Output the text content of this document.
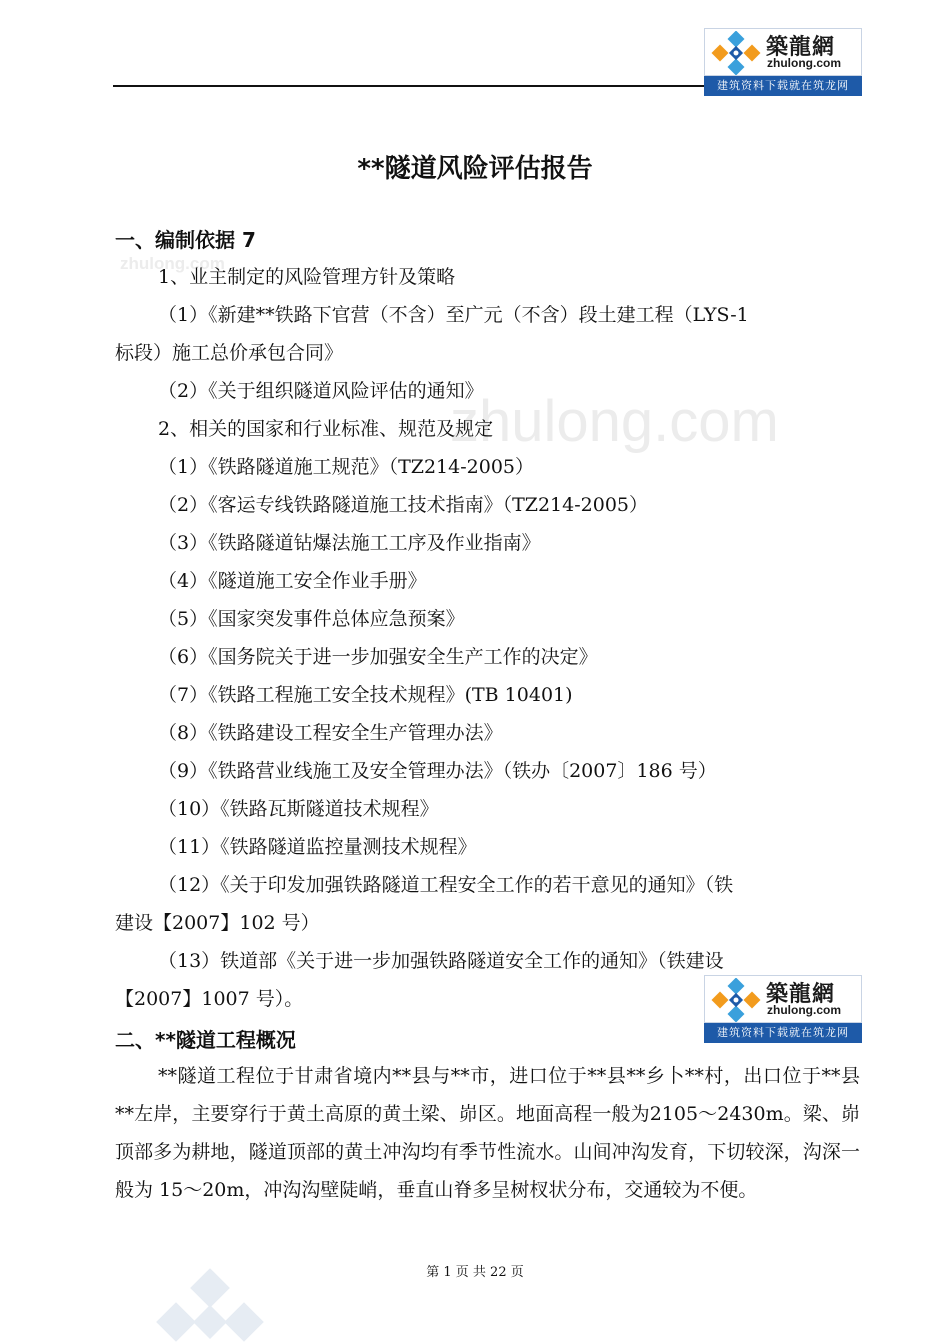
築龍網
zhulong.com
建筑资料下载就在筑龙网
zhulong.com
zhulong.com
**隧道风险评估报告
一、编制依据 7
1、业主制定的风险管理方针及策略
（1）《新建**铁路下官营（不含）至广元（不含）段土建工程（LYS-1
标段）施工总价承包合同》
（2）《关于组织隧道风险评估的通知》
2、相关的国家和行业标准、规范及规定
（1）《铁路隧道施工规范》（TZ214-2005）
（2）《客运专线铁路隧道施工技术指南》（TZ214-2005）
（3）《铁路隧道钻爆法施工工序及作业指南》
（4）《隧道施工安全作业手册》
（5）《国家突发事件总体应急预案》
（6）《国务院关于进一步加强安全生产工作的决定》
（7）《铁路工程施工安全技术规程》(TB 10401)
（8）《铁路建设工程安全生产管理办法》
（9）《铁路营业线施工及安全管理办法》（铁办〔2007〕186 号）
（10）《铁路瓦斯隧道技术规程》
（11）《铁路隧道监控量测技术规程》
（12）《关于印发加强铁路隧道工程安全工作的若干意见的通知》（铁
建设【2007】102 号）
（13）铁道部《关于进一步加强铁路隧道安全工作的通知》（铁建设
【2007】1007 号）。	築龍網
zhulong.com
建筑资料下载就在筑龙网
二、**隧道工程概况
**隧道工程位于甘肃省境内**县与**市，进口位于**县**乡卜**村，出口位于**县**左岸，主要穿行于黄土高原的黄土梁、峁区。地面高程一般为2105～2430m。梁、峁顶部多为耕地，隧道顶部的黄土冲沟均有季节性流水。山间冲沟发育，下切较深，沟深一般为 15～20m，冲沟沟壁陡峭，垂直山脊多呈树杈状分布，交通较为不便。
第 1 页 共 22 页
